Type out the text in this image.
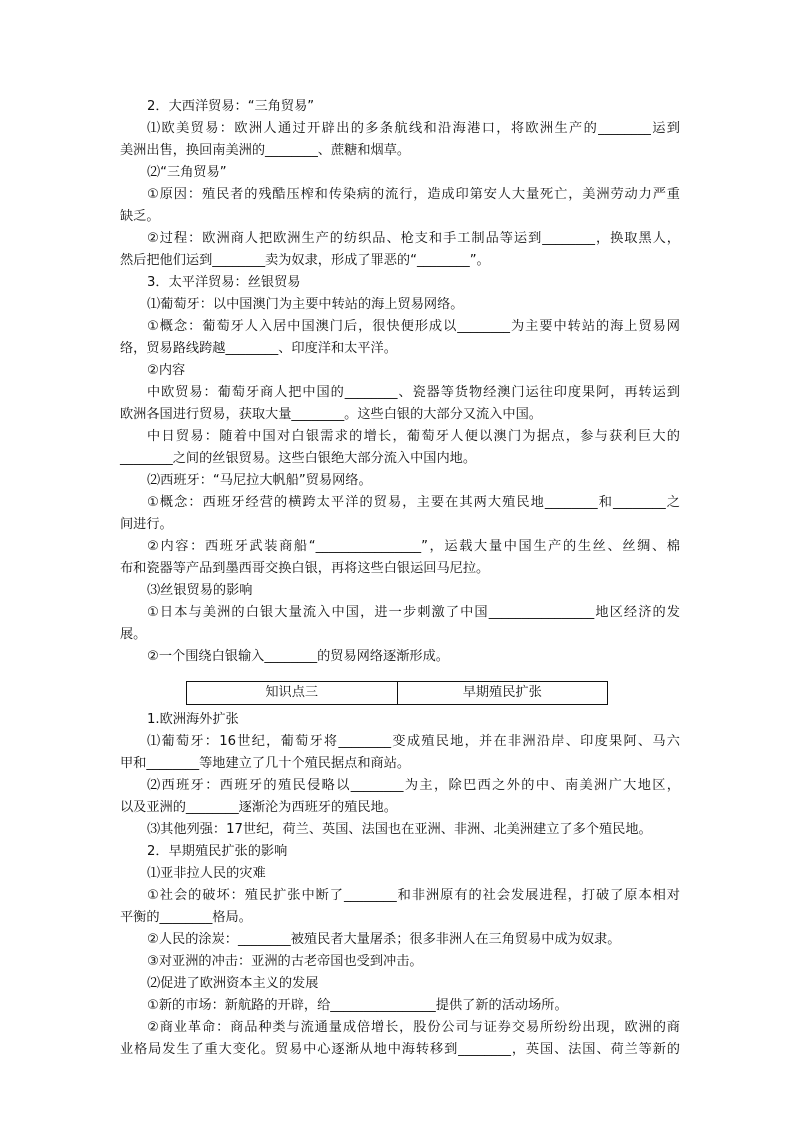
2．大西洋贸易：“三角贸易”

⑴欧美贸易：欧洲人通过开辟出的多条航线和沿海港口，将欧洲生产的________运到

美洲出售，换回南美洲的________、蔗糖和烟草。

⑵“三角贸易”

①原因：殖民者的残酷压榨和传染病的流行，造成印第安人大量死亡，美洲劳动力严重

缺乏。

②过程：欧洲商人把欧洲生产的纺织品、枪支和手工制品等运到________，换取黑人，

然后把他们运到________卖为奴隶，形成了罪恶的“________”。

3．太平洋贸易：丝银贸易

⑴葡萄牙：以中国澳门为主要中转站的海上贸易网络。

①概念：葡萄牙人入居中国澳门后，很快便形成以________为主要中转站的海上贸易网

络，贸易路线跨越________、印度洋和太平洋。

②内容

中欧贸易：葡萄牙商人把中国的________、瓷器等货物经澳门运往印度果阿，再转运到

欧洲各国进行贸易，获取大量________。这些白银的大部分又流入中国。

中日贸易：随着中国对白银需求的增长，葡萄牙人便以澳门为据点，参与获利巨大的

________之间的丝银贸易。这些白银绝大部分流入中国内地。

⑵西班牙：“马尼拉大帆船”贸易网络。

①概念：西班牙经营的横跨太平洋的贸易，主要在其两大殖民地________和________之

间进行。

②内容：西班牙武装商船“________________”，运载大量中国生产的生丝、丝绸、棉

布和瓷器等产品到墨西哥交换白银，再将这些白银运回马尼拉。

⑶丝银贸易的影响

①日本与美洲的白银大量流入中国，进一步刺激了中国________________地区经济的发

展。

②一个围绕白银输入________的贸易网络逐渐形成。

知识点三	早期殖民扩张

1.欧洲海外扩张

⑴葡萄牙：16世纪，葡萄牙将________变成殖民地，并在非洲沿岸、印度果阿、马六

甲和________等地建立了几十个殖民据点和商站。

⑵西班牙：西班牙的殖民侵略以________为主，除巴西之外的中、南美洲广大地区，

以及亚洲的________逐渐沦为西班牙的殖民地。

⑶其他列强：17世纪，荷兰、英国、法国也在亚洲、非洲、北美洲建立了多个殖民地。

2．早期殖民扩张的影响

⑴亚非拉人民的灾难

①社会的破坏：殖民扩张中断了________和非洲原有的社会发展进程，打破了原本相对

平衡的________格局。

②人民的涂炭：________被殖民者大量屠杀；很多非洲人在三角贸易中成为奴隶。

③对亚洲的冲击：亚洲的古老帝国也受到冲击。

⑵促进了欧洲资本主义的发展

①新的市场：新航路的开辟，给________________提供了新的活动场所。

②商业革命：商品种类与流通量成倍增长，股份公司与证券交易所纷纷出现，欧洲的商

业格局发生了重大变化。贸易中心逐渐从地中海转移到________，英国、法国、荷兰等新的
